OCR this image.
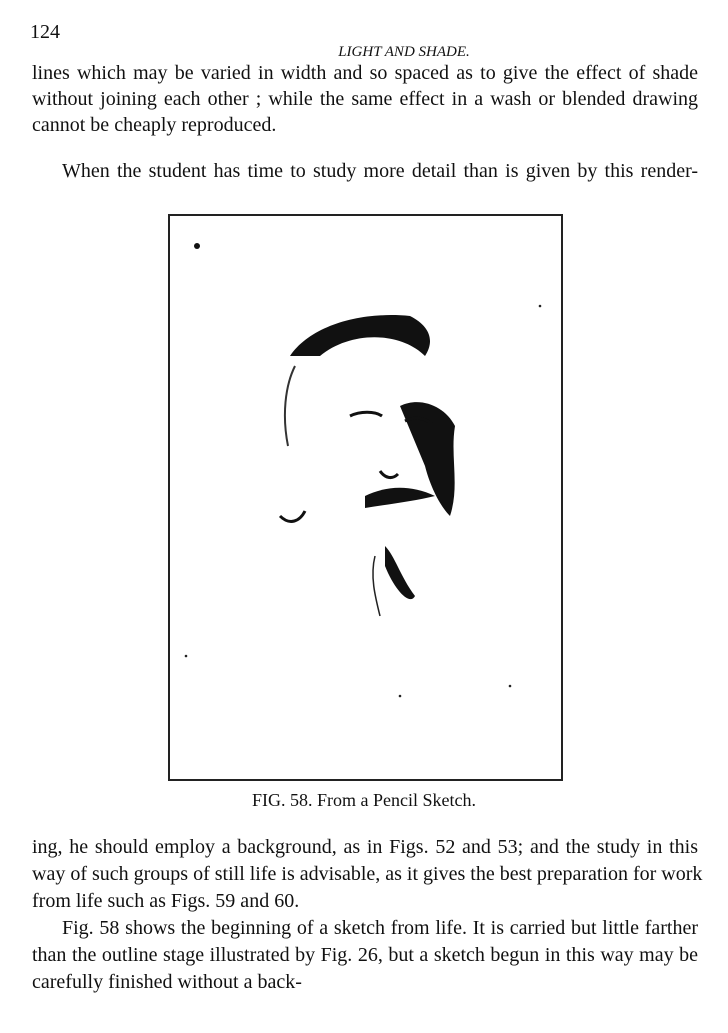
124
LIGHT AND SHADE.
lines which may be varied in width and so spaced as to give the effect of shade
without joining each other ; while the same effect in a wash or blended drawing
cannot be cheaply reproduced.
When the student has time to study more detail than is given by this render-
FIG. 58. From a Pencil Sketch.
ing, he should employ a background, as in Figs. 52 and 53; and the study in this
way of such groups of still life is advisable, as it gives the best preparation for work
from life such as Figs. 59 and 60.
Fig. 58 shows the beginning of a sketch from life. It is carried but little farther
than the outline stage illustrated by Fig. 26, but a sketch begun in this way may be
carefully finished without a back-
